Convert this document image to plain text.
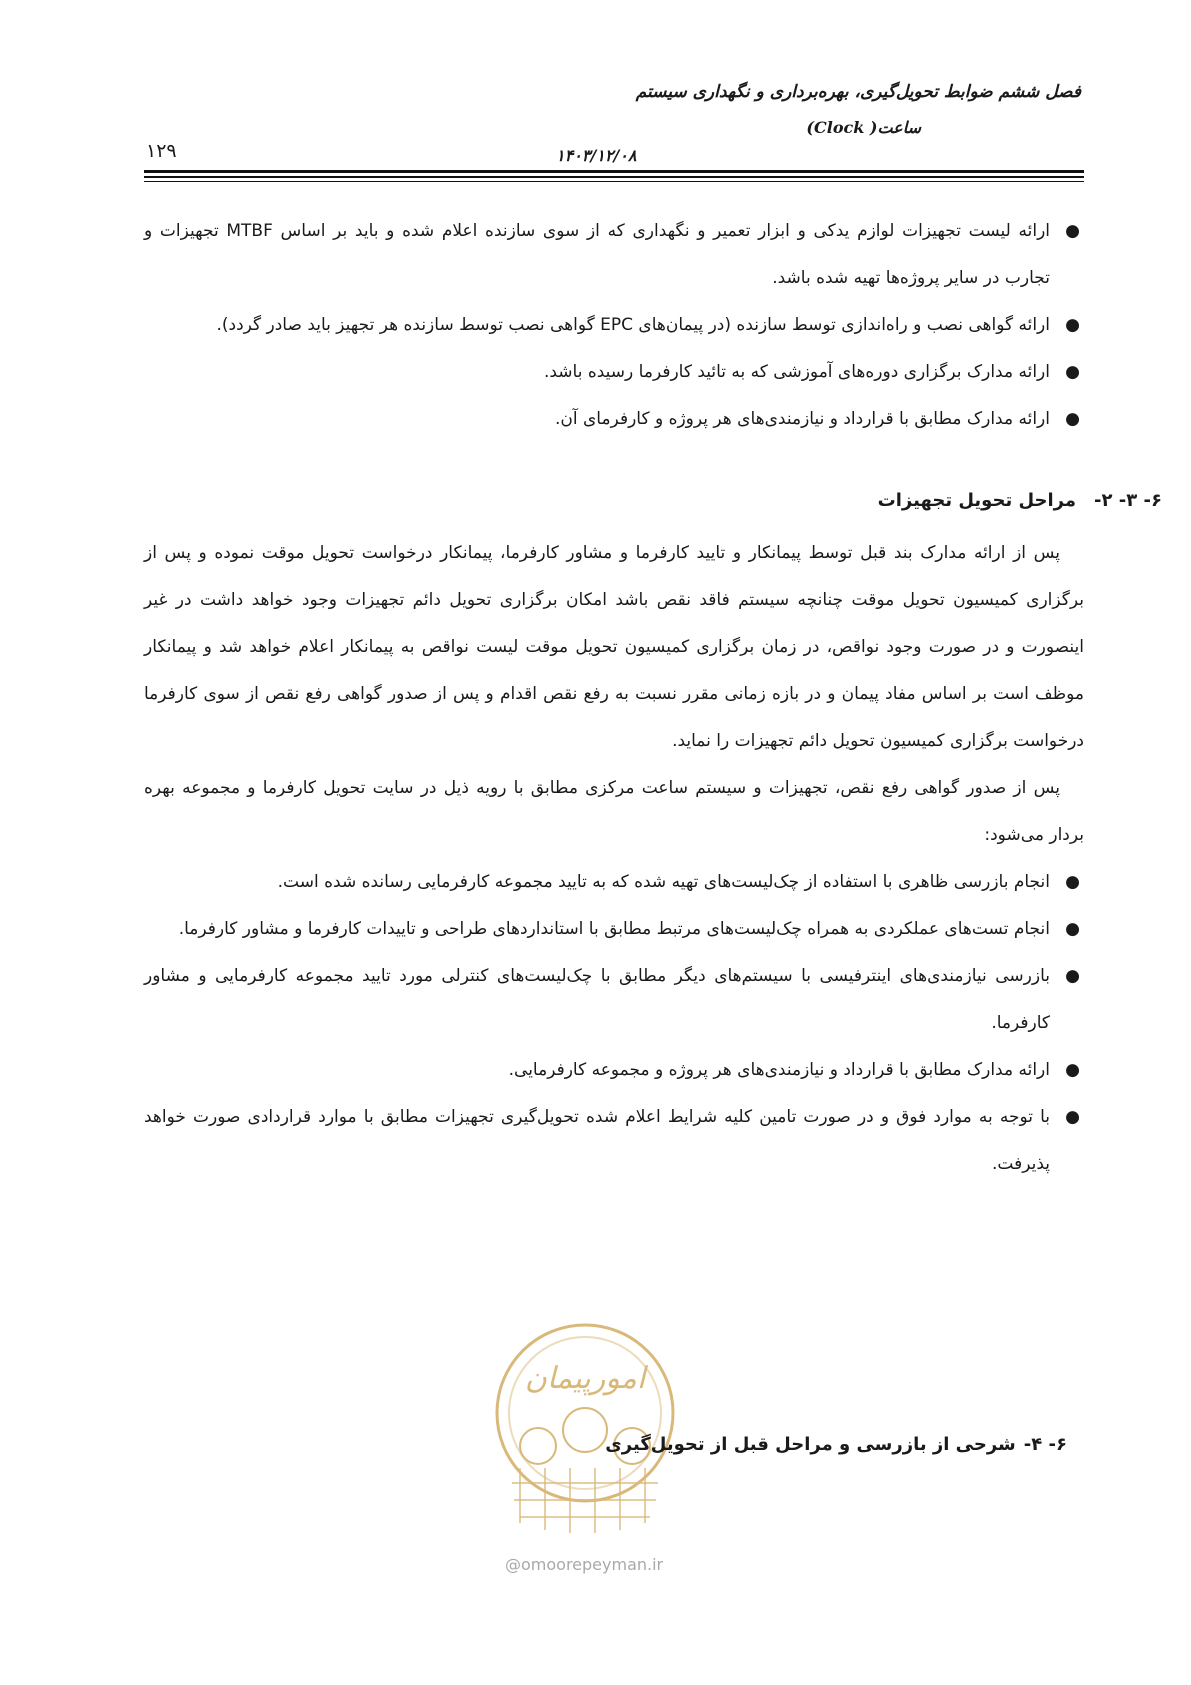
فصل ششم ضوابط تحویل‌گیری، بهره‌برداری و نگهداری سیستم
ساعت( Clock)
۱۴۰۳/۱۲/۰۸
۱۲۹
●
ارائه لیست تجهیزات لوازم یدکی و ابزار تعمیر و نگهداری که از سوی سازنده اعلام شده و باید بر اساس MTBF تجهیزات و تجارب در سایر پروژه‌ها تهیه شده باشد.
●
ارائه گواهی نصب و راه‌اندازی توسط سازنده (در پیمان‌های EPC گواهی نصب توسط سازنده هر تجهیز باید صادر گردد).
●
ارائه مدارک برگزاری دوره‌های آموزشی که به تائید کارفرما رسیده باشد.
●
ارائه مدارک مطابق با قرارداد و نیازمندی‌های هر پروژه و کارفرمای آن.
۶- ۳- ۲-مراحل تحویل تجهیزات

پس از ارائه مدارک بند قبل توسط پیمانکار و تایید کارفرما و مشاور کارفرما، پیمانکار درخواست تحویل موقت نموده و پس از برگزاری کمیسیون تحویل موقت چنانچه سیستم فاقد نقص باشد امکان برگزاری تحویل دائم تجهیزات وجود خواهد داشت در غیر اینصورت و در صورت وجود نواقص، در زمان برگزاری کمیسیون تحویل موقت لیست نواقص به پیمانکار اعلام خواهد شد و پیمانکار موظف است بر اساس مفاد پیمان و در بازه زمانی مقرر نسبت به رفع نقص اقدام و پس از صدور گواهی رفع نقص از سوی کارفرما درخواست برگزاری کمیسیون تحویل دائم تجهیزات را نماید.

پس از صدور گواهی رفع نقص، تجهیزات و سیستم ساعت مرکزی مطابق با رویه ذیل در سایت تحویل کارفرما و مجموعه بهره بردار می‌شود:

●
انجام بازرسی ظاهری با استفاده از چک‌لیست‌های تهیه شده که به تایید مجموعه کارفرمایی رسانده شده است.
●
انجام تست‌های عملکردی به همراه چک‌لیست‌های مرتبط مطابق با استانداردهای طراحی و تاییدات کارفرما و مشاور کارفرما.
●
بازرسی نیازمندی‌های اینترفیسی با سیستم‌های دیگر مطابق با چک‌لیست‌های کنترلی مورد تایید مجموعه کارفرمایی و مشاور کارفرما.
●
ارائه مدارک مطابق با قرارداد و نیازمندی‌های هر پروژه و مجموعه کارفرمایی.
●
با توجه به موارد فوق و در صورت تامین کلیه شرایط اعلام شده تحویل‌گیری تجهیزات مطابق با موارد قراردادی صورت خواهد پذیرفت.
امورپیمان
۶- ۴-شرحی از بازرسی و مراحل قبل از تحویل‌گیری
@omoorepeyman.ir
